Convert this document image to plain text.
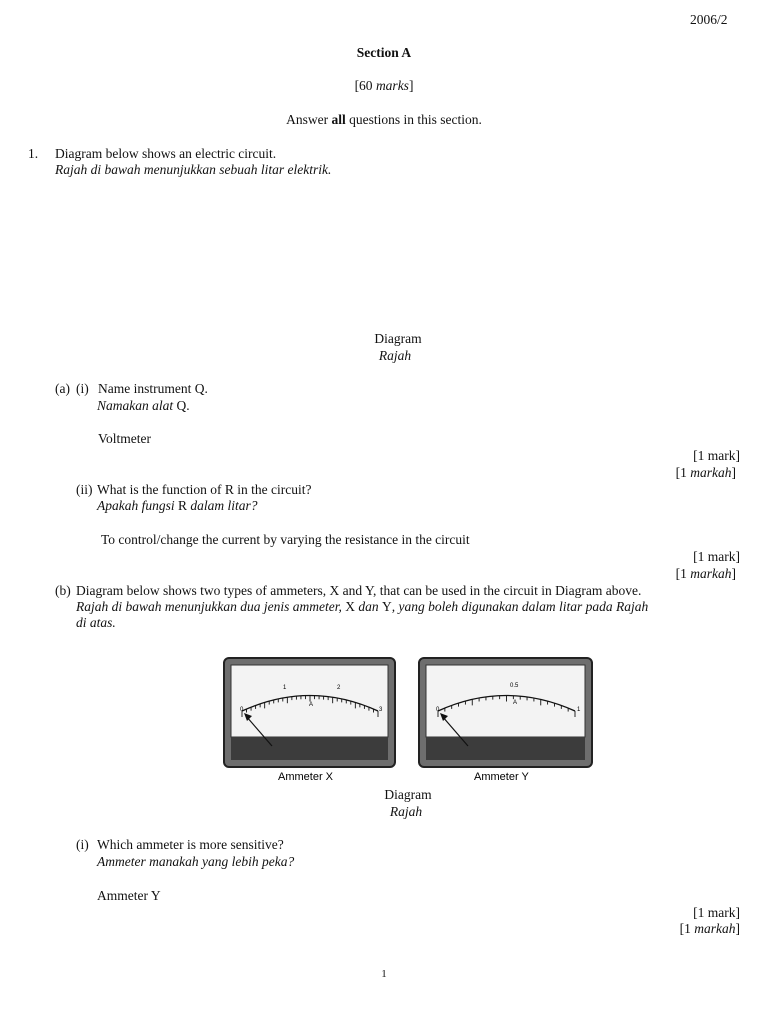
2006/2
Section A
[60 marks]
Answer all questions in this section.
1. Diagram below shows an electric circuit.
Rajah di bawah menunjukkan sebuah litar elektrik.
Diagram
Rajah
(a) (i) Name instrument Q.
Namakan alat Q.
Voltmeter
[1 mark]
[1 markah]
(ii) What is the function of R in the circuit?
Apakah fungsi R dalam litar?
To control/change the current by varying the resistance in the circuit
[1 mark]
[1 markah]
(b) Diagram below shows two types of ammeters, X and Y, that can be used in the circuit in Diagram above.
Rajah di bawah menunjukkan dua jenis ammeter, X dan Y, yang boleh digunakan dalam litar pada Rajah
di atas.
0
1	2
3
A
0
0.5
1
A
Ammeter X	Ammeter Y
Diagram
Rajah
(i) Which ammeter is more sensitive?
Ammeter manakah yang lebih peka?
Ammeter Y
[1 mark]
[1 markah]
1
